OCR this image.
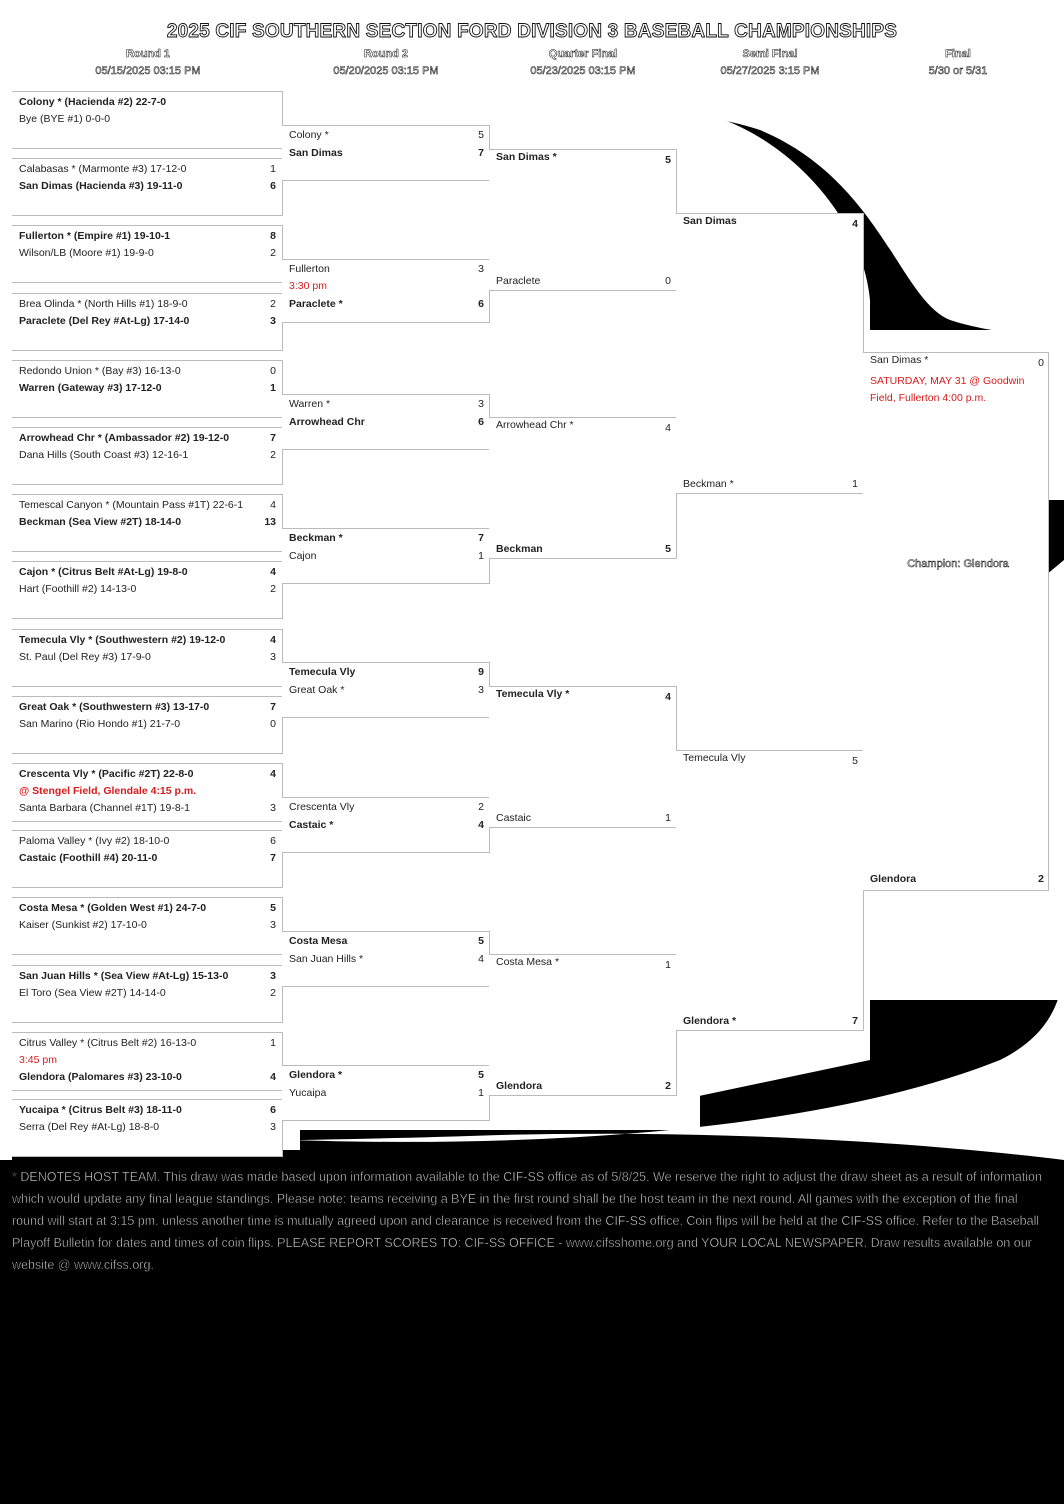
2025 CIF SOUTHERN SECTION FORD DIVISION 3 BASEBALL CHAMPIONSHIPS
Round 1
05/15/2025 03:15 PM
Round 2
05/20/2025 03:15 PM
Quarter Final
05/23/2025 03:15 PM
Semi Final
05/27/2025 3:15 PM
Final
5/30 or 5/31
Colony * (Hacienda #2) 22-7-0
Bye (BYE #1) 0-0-0
Calabasas * (Marmonte #3) 17-12-0	1
San Dimas (Hacienda #3) 19-11-0	6
Fullerton * (Empire #1) 19-10-1	8
Wilson/LB (Moore #1) 19-9-0	2
Brea Olinda * (North Hills #1) 18-9-0	2
Paraclete (Del Rey #At-Lg) 17-14-0	3
Redondo Union * (Bay #3) 16-13-0	0
Warren (Gateway #3) 17-12-0	1
Arrowhead Chr * (Ambassador #2) 19-12-0	7
Dana Hills (South Coast #3) 12-16-1	2
Temescal Canyon * (Mountain Pass #1T) 22-6-1	4
Beckman (Sea View #2T) 18-14-0	13
Cajon * (Citrus Belt #At-Lg) 19-8-0	4
Hart (Foothill #2) 14-13-0	2
Temecula Vly * (Southwestern #2) 19-12-0	4
St. Paul (Del Rey #3) 17-9-0	3
Great Oak * (Southwestern #3) 13-17-0	7
San Marino (Rio Hondo #1) 21-7-0	0
Crescenta Vly * (Pacific #2T) 22-8-0	4
@ Stengel Field, Glendale 4:15 p.m.
Santa Barbara (Channel #1T) 19-8-1	3
Paloma Valley * (Ivy #2) 18-10-0	6
Castaic (Foothill #4) 20-11-0	7
Costa Mesa * (Golden West #1) 24-7-0	5
Kaiser (Sunkist #2) 17-10-0	3
San Juan Hills * (Sea View #At-Lg) 15-13-0	3
El Toro (Sea View #2T) 14-14-0	2
Citrus Valley * (Citrus Belt #2) 16-13-0	1
3:45 pm
Glendora (Palomares #3) 23-10-0	4
Yucaipa * (Citrus Belt #3) 18-11-0	6
Serra (Del Rey #At-Lg) 18-8-0	3
Colony *	5
San Dimas	7
Fullerton	3
3:30 pm
Paraclete *	6
Warren *	3
Arrowhead Chr	6
Beckman *	7
Cajon	1
Temecula Vly	9
Great Oak *	3
Crescenta Vly	2
Castaic *	4
Costa Mesa	5
San Juan Hills *	4
Glendora *	5
Yucaipa	1
San Dimas *	5
Paraclete	0
Arrowhead Chr *	4
Beckman	5
Temecula Vly *	4
Castaic	1
Costa Mesa *	1
Glendora	2
San Dimas	4
Beckman *	1
Temecula Vly	5
Glendora *	7
San Dimas *	0
SATURDAY, MAY 31 @ Goodwin
Field, Fullerton 4:00 p.m.
Glendora	2
Champion: Glendora
* DENOTES HOST TEAM. This draw was made based upon information available to the CIF-SS office as of 5/8/25. We reserve the right to adjust the draw sheet as a result of information which would update any final league standings. Please note: teams receiving a BYE in the first round shall be the host team in the next round. All games with the exception of the final round will start at 3:15 pm. unless another time is mutually agreed upon and clearance is received from the CIF-SS office. Coin flips will be held at the CIF-SS office. Refer to the Baseball Playoff Bulletin for dates and times of coin flips. PLEASE REPORT SCORES TO: CIF-SS OFFICE - www.cifsshome.org and YOUR LOCAL NEWSPAPER. Draw results available on our website @ www.cifss.org.
